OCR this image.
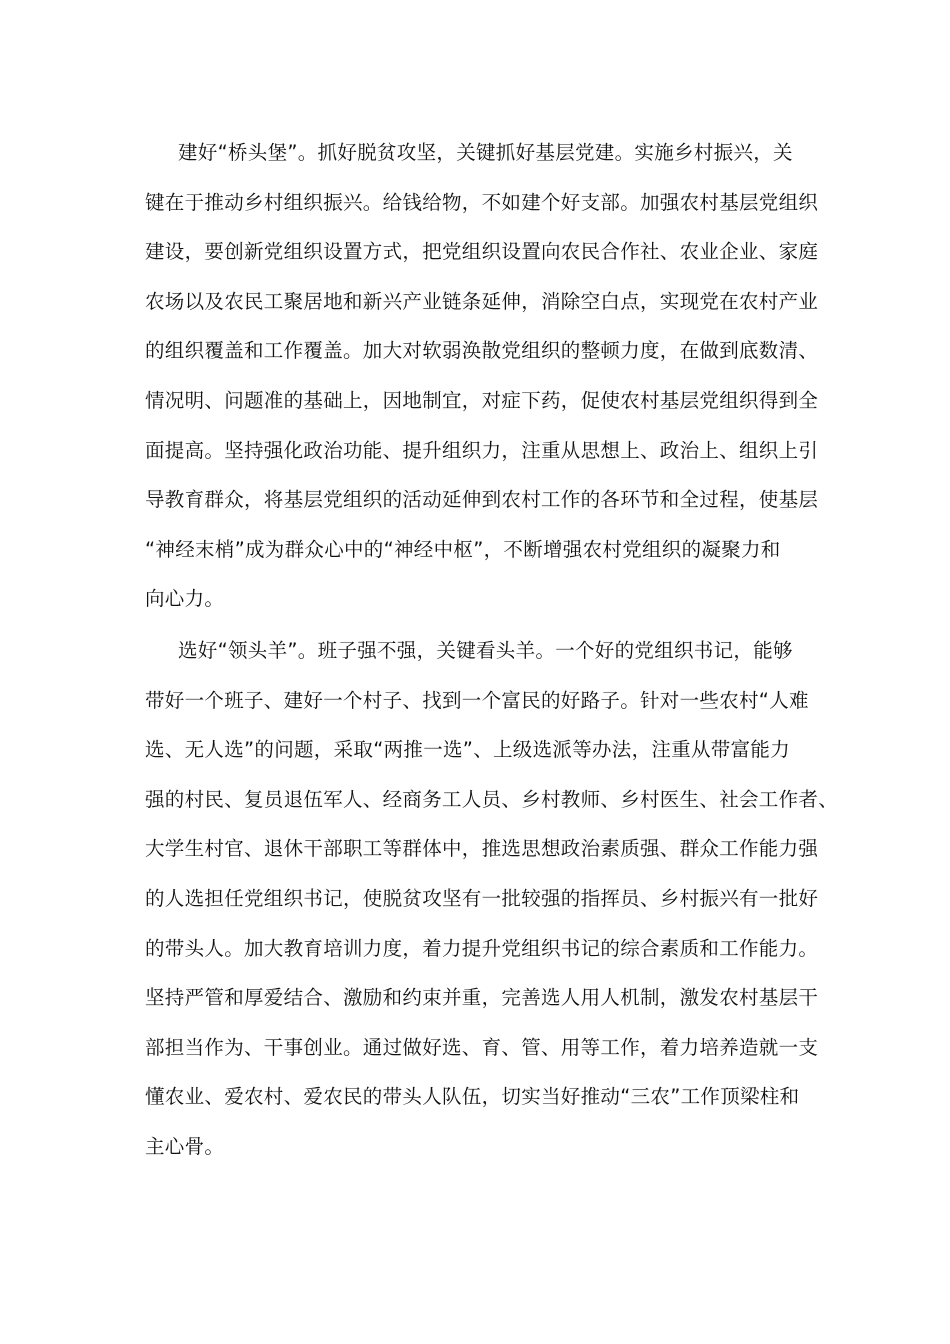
建好“桥头堡”。抓好脱贫攻坚，关键抓好基层党建。实施乡村振兴，关
键在于推动乡村组织振兴。给钱给物，不如建个好支部。加强农村基层党组织
建设，要创新党组织设置方式，把党组织设置向农民合作社、农业企业、家庭
农场以及农民工聚居地和新兴产业链条延伸，消除空白点，实现党在农村产业
的组织覆盖和工作覆盖。加大对软弱涣散党组织的整顿力度，在做到底数清、
情况明、问题准的基础上，因地制宜，对症下药，促使农村基层党组织得到全
面提高。坚持强化政治功能、提升组织力，注重从思想上、政治上、组织上引
导教育群众，将基层党组织的活动延伸到农村工作的各环节和全过程，使基层
“神经末梢”成为群众心中的“神经中枢”，不断增强农村党组织的凝聚力和
向心力。
选好“领头羊”。班子强不强，关键看头羊。一个好的党组织书记，能够
带好一个班子、建好一个村子、找到一个富民的好路子。针对一些农村“人难
选、无人选”的问题，采取“两推一选”、上级选派等办法，注重从带富能力
强的村民、复员退伍军人、经商务工人员、乡村教师、乡村医生、社会工作者、
大学生村官、退休干部职工等群体中，推选思想政治素质强、群众工作能力强
的人选担任党组织书记，使脱贫攻坚有一批较强的指挥员、乡村振兴有一批好
的带头人。加大教育培训力度，着力提升党组织书记的综合素质和工作能力。
坚持严管和厚爱结合、激励和约束并重，完善选人用人机制，激发农村基层干
部担当作为、干事创业。通过做好选、育、管、用等工作，着力培养造就一支
懂农业、爱农村、爱农民的带头人队伍，切实当好推动“三农”工作顶梁柱和
主心骨。
